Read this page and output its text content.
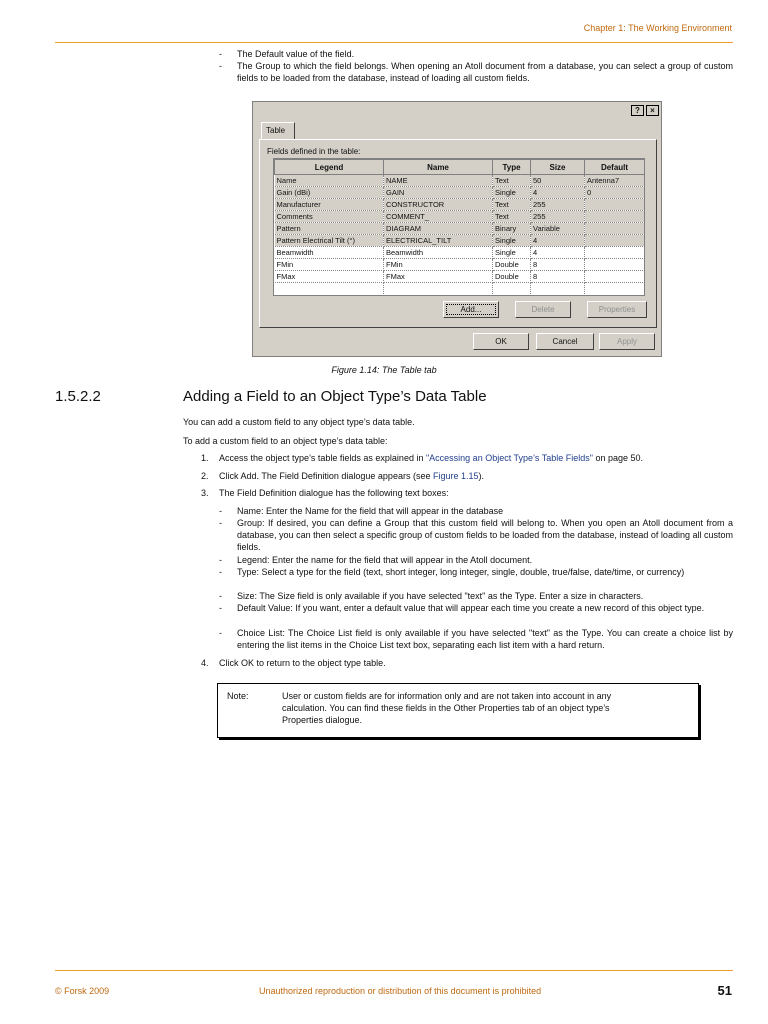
Chapter 1: The Working Environment
- The Default value of the field.
- The Group to which the field belongs. When opening an Atoll document from a database, you can select a group of custom fields to be loaded from the database, instead of loading all custom fields.
?	×
Table
Fields defined in the table:
Legend	Name	Type	Size	Default
Name	NAME	Text	50	Antenna7
Gain (dBi)	GAIN	Single	4	0
Manufacturer	CONSTRUCTOR	Text	255	
Comments	COMMENT_	Text	255	
Pattern	DIAGRAM	Binary	Variable	
Pattern Electrical Tilt (°)	ELECTRICAL_TILT	Single	4	
Beamwidth	Beamwidth	Single	4	
FMin	FMin	Double	8	
FMax	FMax	Double	8	

Add...	Delete	Properties
OK	Cancel	Apply
Figure 1.14: The Table tab
1.5.2.2	Adding a Field to an Object Type’s Data Table
You can add a custom field to any object type’s data table.
To add a custom field to an object type’s data table:
1. Access the object type’s table fields as explained in "Accessing an Object Type’s Table Fields" on page 50.
2. Click Add. The Field Definition dialogue appears (see Figure 1.15).
3. The Field Definition dialogue has the following text boxes:
- Name: Enter the Name for the field that will appear in the database
- Group: If desired, you can define a Group that this custom field will belong to. When you open an Atoll document from a database, you can then select a specific group of custom fields to be loaded from the database, instead of loading all custom fields.
- Legend: Enter the name for the field that will appear in the Atoll document.
- Type: Select a type for the field (text, short integer, long integer, single, double, true/false, date/time, or currency)
- Size: The Size field is only available if you have selected "text" as the Type. Enter a size in characters.
- Default Value: If you want, enter a default value that will appear each time you create a new record of this object type.
- Choice List: The Choice List field is only available if you have selected "text" as the Type. You can create a choice list by entering the list items in the Choice List text box, separating each list item with a hard return.
4. Click OK to return to the object type table.
Note:	User or custom fields are for information only and are not taken into account in any calculation. You can find these fields in the Other Properties tab of an object type’s Properties dialogue.
© Forsk 2009	Unauthorized reproduction or distribution of this document is prohibited	51
